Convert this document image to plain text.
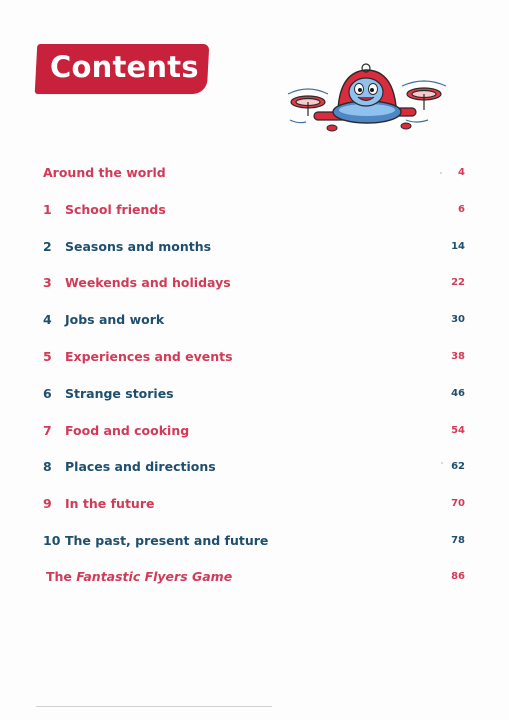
Contents
Around the world	4
1	School friends	6
2	Seasons and months	14
3	Weekends and holidays	22
4	Jobs and work	30
5	Experiences and events	38
6	Strange stories	46
7	Food and cooking	54
8	Places and directions	62
9	In the future	70
10 The past, present and future	78
The Fantastic Flyers Game	86
